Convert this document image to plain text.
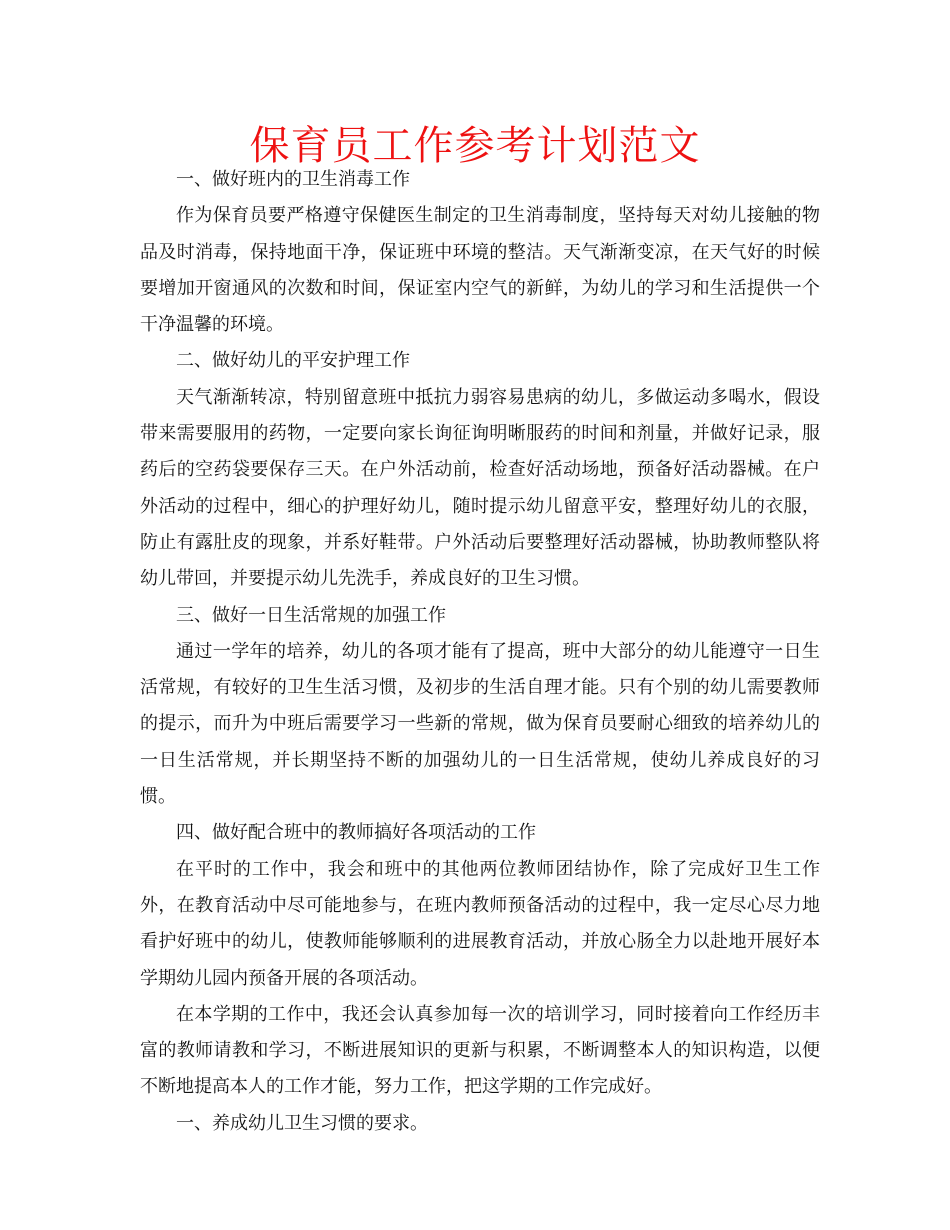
保育员工作参考计划范文

一、做好班内的卫生消毒工作

作为保育员要严格遵守保健医生制定的卫生消毒制度，坚持每天对幼儿接触的物品及时消毒，保持地面干净，保证班中环境的整洁。天气渐渐变凉，在天气好的时候要增加开窗通风的次数和时间，保证室内空气的新鲜，为幼儿的学习和生活提供一个干净温馨的环境。

二、做好幼儿的平安护理工作

天气渐渐转凉，特别留意班中抵抗力弱容易患病的幼儿，多做运动多喝水，假设带来需要服用的药物，一定要向家长询征询明晰服药的时间和剂量，并做好记录，服药后的空药袋要保存三天。在户外活动前，检查好活动场地，预备好活动器械。在户外活动的过程中，细心的护理好幼儿，随时提示幼儿留意平安，整理好幼儿的衣服，防止有露肚皮的现象，并系好鞋带。户外活动后要整理好活动器械，协助教师整队将幼儿带回，并要提示幼儿先洗手，养成良好的卫生习惯。

三、做好一日生活常规的加强工作

通过一学年的培养，幼儿的各项才能有了提高，班中大部分的幼儿能遵守一日生活常规，有较好的卫生生活习惯，及初步的生活自理才能。只有个别的幼儿需要教师的提示，而升为中班后需要学习一些新的常规，做为保育员要耐心细致的培养幼儿的一日生活常规，并长期坚持不断的加强幼儿的一日生活常规，使幼儿养成良好的习惯。

四、做好配合班中的教师搞好各项活动的工作

在平时的工作中，我会和班中的其他两位教师团结协作，除了完成好卫生工作外，在教育活动中尽可能地参与，在班内教师预备活动的过程中，我一定尽心尽力地看护好班中的幼儿，使教师能够顺利的进展教育活动，并放心肠全力以赴地开展好本学期幼儿园内预备开展的各项活动。

在本学期的工作中，我还会认真参加每一次的培训学习，同时接着向工作经历丰富的教师请教和学习，不断进展知识的更新与积累，不断调整本人的知识构造，以便不断地提高本人的工作才能，努力工作，把这学期的工作完成好。

一、养成幼儿卫生习惯的要求。
